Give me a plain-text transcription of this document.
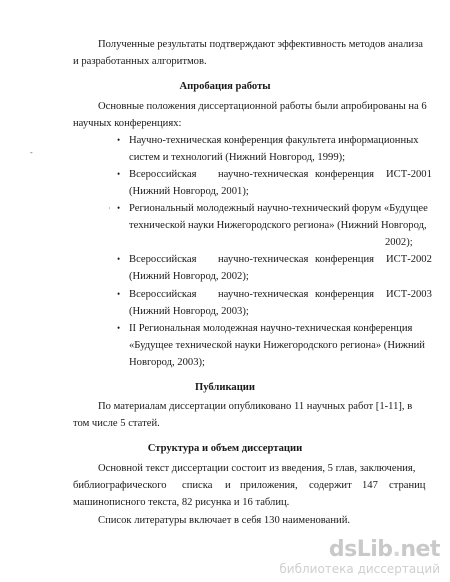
Полученные результаты подтверждают эффективность методов анализа
и разработанных алгоритмов.
Апробация работы
Основные положения диссертационной работы были апробированы на 6
научных конференциях:
-
• Научно-техническая конференция факультета информационных
систем и технологий (Нижний Новгород, 1999);
• Всероссийская научно-техническая конференция ИСТ-2001
(Нижний Новгород, 2001);
•
· Региональный молодежный научно-технический форум «Будущее
технической науки Нижегородского региона» (Нижний Новгород,
2002);
• Всероссийская научно-техническая конференция ИСТ-2002
(Нижний Новгород, 2002);
• Всероссийская научно-техническая конференция ИСТ-2003
(Нижний Новгород, 2003);
• II Региональная молодежная научно-техническая конференция
«Будущее технической науки Нижегородского региона» (Нижний
Новгород, 2003);
Публикации
По материалам диссертации опубликовано 11 научных работ [1-11], в
том числе 5 статей.
Структура и объем диссертации
Основной текст диссертации состоит из введения, 5 глав, заключения,
библиографического списка и приложения, содержит 147 страниц
машинописного текста, 82 рисунка и 16 таблиц.
Список литературы включает в себя 130 наименований.
dsLib.net
библиотека диссертаций
